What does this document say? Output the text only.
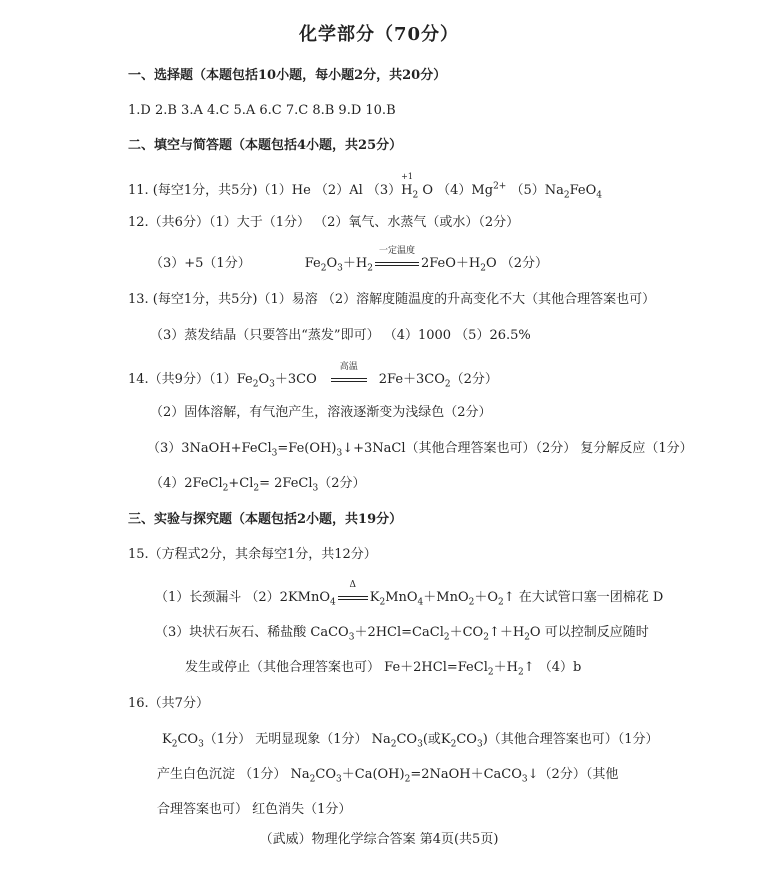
化学部分（70分）
一、选择题（本题包括10小题，每小题2分，共20分）
1.D 2.B 3.A 4.C 5.A 6.C 7.C 8.B 9.D 10.B
二、填空与简答题（本题包括4小题，共25分）
11. (每空1分，共5分)（1）He （2）Al （3）
+1
$H_2$ O $(4)Mg^{2+}$ $(5)Na_2FeO_4$
12.（共6分）（1）大于（1分） （2）氧气、水蒸气（或水）（2分）
（3）+5（1分）	$Fe_2O_3+H_2$
一定温度
$2FeO+H_2O$ （2分）
13. (每空1分，共5分)（1）易溶 （2）溶解度随温度的升高变化不大（其他合理答案也可）
（3）蒸发结晶（只要答出“蒸发”即可） （4）1000 （5）26.5%
14.（共9分）$(1)Fe_2O_3+3CO$
高温
$2Fe+3CO_2(2$分）
（2）固体溶解，有气泡产生，溶液逐渐变为浅绿色（2分）
$(3)3NaOH+FeCl_3=Fe(OH)_3↓+3NaCl$（其他合理答案也可）（2分） 复分解反应（1分）
$(4)2FeCl_2+Cl_2=$ 2FeCl$_3$（2分）
三、实验与探究题（本题包括2小题，共19分）
15.（方程式2分，其余每空1分，共12分）
（1）长颈漏斗 （2）2KMnO$_4$
Δ
$K_2MnO_4+MnO_2+O_2↑$ 在大试管口塞一团棉花 D
（3）块状石灰石、稀盐酸 $CaCO_3+2HCl=CaCl_2+CO_2↑+H_2O$ 可以控制反应随时
发生或停止（其他合理答案也可） $Fe+2HCl=FeCl_2+H_2↑$ （4）b
16.（共7分）
$K_2CO_3(1$分） 无明显现象（1分） $Na_2CO_3$(或$K_2CO_3$)（其他合理答案也可）（1分）
产生白色沉淀 （1分） $Na_2CO_3+Ca(OH)_2=2NaOH+CaCO_3↓(2$分）（其他
合理答案也可） 红色消失（1分）
（武威）物理化学综合答案 第4页(共5页)
